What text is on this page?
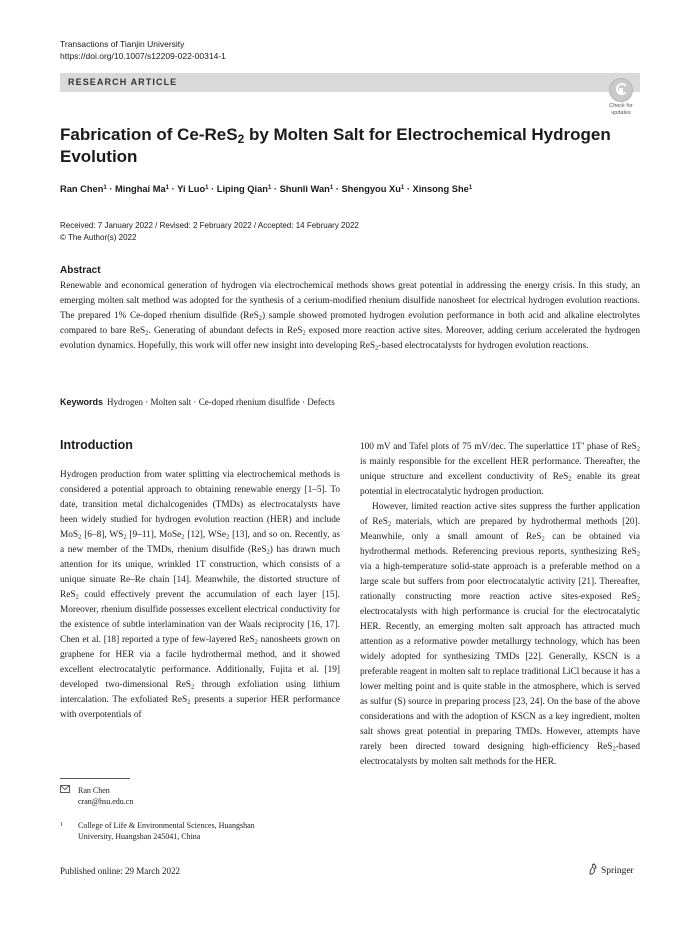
Transactions of Tianjin University
https://doi.org/10.1007/s12209-022-00314-1
RESEARCH ARTICLE
Check for
updates
Fabrication of Ce-ReS$_2$ by Molten Salt for Electrochemical Hydrogen Evolution
Ran Chen$^1$ · Minghai $Ma^1 \cdot Yi$ Luo$^1$ · Liping Qian$^1$ · Shunli Wan$^1$ · Shengyou $Xu^1$ · Xinsong She$^1$
Received: 7 January 2022 / Revised: 2 February 2022 / Accepted: 14 February 2022
© The Author(s) 2022
Abstract
Renewable and economical generation of hydrogen via electrochemical methods shows great potential in addressing the energy crisis. In this study, an emerging molten salt method was adopted for the synthesis of a cerium-modified rhenium disulfide nanosheet for electrical hydrogen evolution reactions. The prepared 1% Ce-doped rhenium disulfide (ReS$_2$) sample showed promoted hydrogen evolution performance in both acid and alkaline electrolytes compared to bare ReS$_2$. Generating of abundant defects in ReS$_2$ exposed more reaction active sites. Moreover, adding cerium accelerated the hydrogen evolution dynamics. Hopefully, this work will offer new insight into developing ReS$_2$-based electrocatalysts for hydrogen evolution reactions.
Keywords Hydrogen · Molten salt · Ce-doped rhenium disulfide · Defects
Introduction

Hydrogen production from water splitting via electrochemical methods is considered a potential approach to obtaining renewable energy [1–5]. To date, transition metal dichalcogenides (TMDs) as electrocatalysts have been widely studied for hydrogen evolution reaction (HER) and include MoS$_2$ [6–8], $WS_2$ [9–11], MoSe$_2$ [12], WSe$_2$ [13], and so on. Recently, as a new member of the TMDs, rhenium disulfide (ReS$_2$) has drawn much attention for its unique, wrinkled 1T construction, which consists of a unique sinuate Re–Re chain [14]. Meanwhile, the distorted structure of ReS$_2$ could effectively prevent the accumulation of each layer [15]. Moreover, rhenium disulfide possesses excellent electrical conductivity for the existence of subtle interlamination van der Waals reciprocity [16, 17]. Chen et al. [18] reported a type of few-layered ReS$_2$ nanosheets grown on graphene for HER via a facile hydrothermal method, and it showed excellent electrocatalytic performance. Additionally, Fujita et al. [19] developed two-dimensional ReS$_2$ through exfoliation using lithium intercalation. The exfoliated ReS$_2$ presents a superior HER performance with overpotentials of

100 mV and Tafel plots of 75 mV/dec. The superlattice 1T’ phase of ReS$_2$ is mainly responsible for the excellent HER performance. Thereafter, the unique structure and excellent conductivity of ReS$_2$ enable its great potential in electrocatalytic hydrogen production.

However, limited reaction active sites suppress the further application of ReS$_2$ materials, which are prepared by hydrothermal methods [20]. Meanwhile, only a small amount of ReS$_2$ can be obtained via hydrothermal methods. Referencing previous reports, synthesizing ReS$_2$ via a high-temperature solid-state approach is a preferable method on a large scale but suffers from poor electrocatalytic activity [21]. Thereafter, rationally constructing more reaction active sites-exposed ReS$_2$ electrocatalysts with high performance is crucial for the electrocatalytic HER. Recently, an emerging molten salt approach has attracted much attention as a reformative powder metallurgy technology, which has been widely adopted for synthesizing TMDs [22]. Generally, KSCN is a preferable reagent in molten salt to replace traditional LiCl because it has a lower melting point and is quite stable in the atmosphere, which is served as sulfur (S) source in preparing process [23, 24]. On the base of the above considerations and with the adoption of KSCN as a key ingredient, molten salt shows great potential in preparing TMDs. However, attempts have rarely been directed toward designing high-efficiency ReS$_2$-based electrocatalysts by molten salt methods for the HER.

Ran Chen
cran@hsu.edu.cn
1	College of Life & Environmental Sciences, Huangshan
University, Huangshan 245041, China
Published online: 29 March 2022	Springer
